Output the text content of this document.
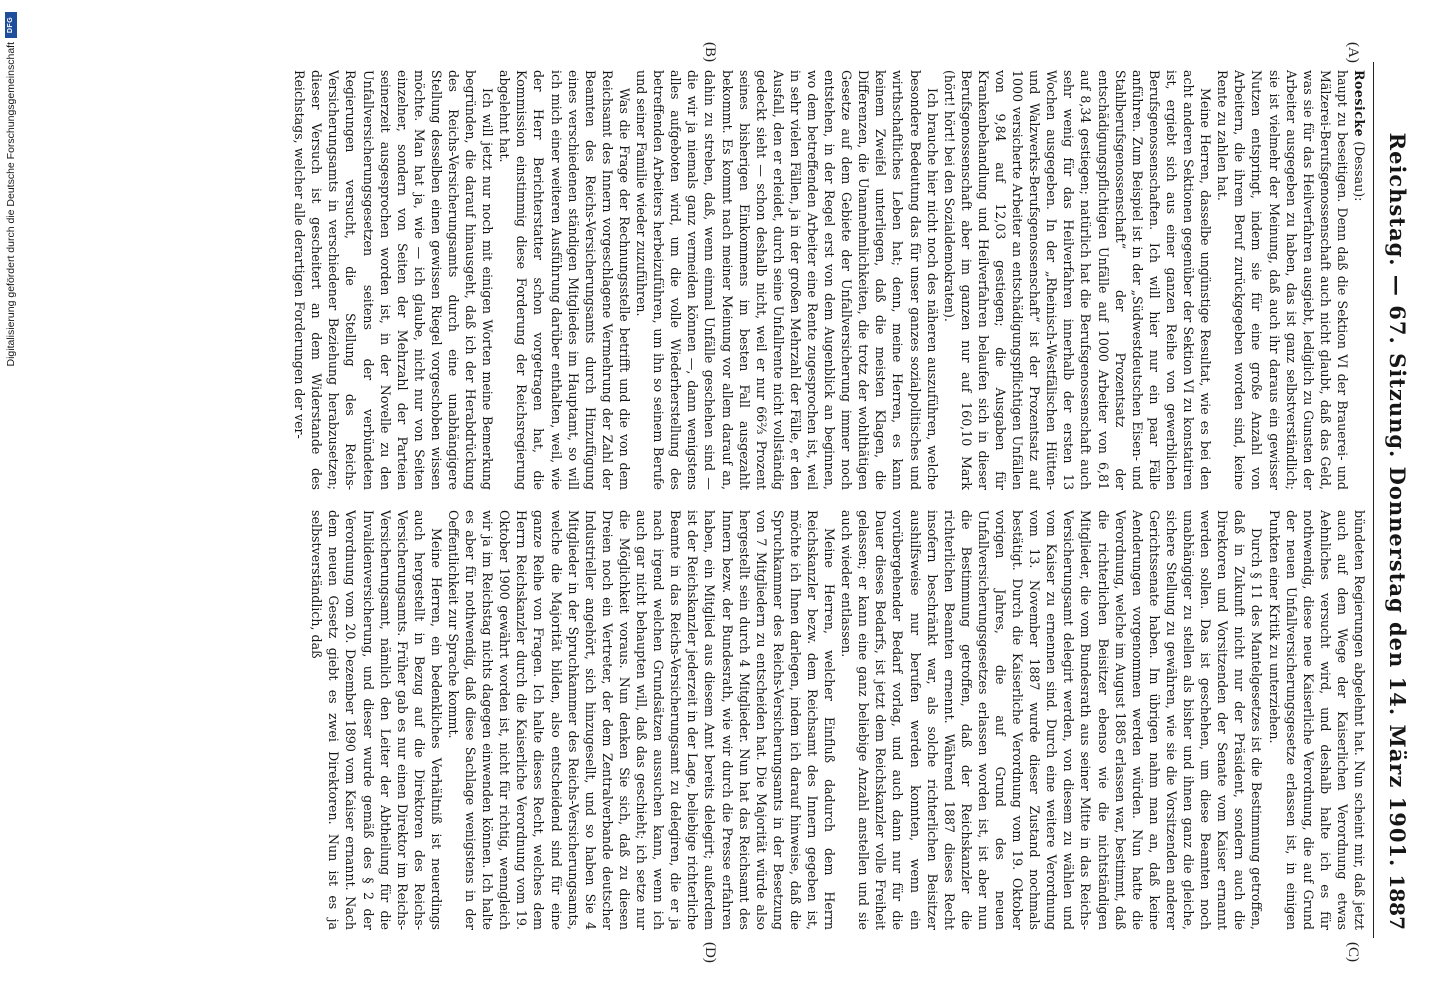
Reichstag. — 67. Sitzung. Donnerstag den 14. März 1901.
1887
(A)
(B)
(C)
(D)

Roesicke (Dessau):

haupt zu beseitigen. Denn daß die Sektion VI der Brauerei- und Mälzerei-Berufsgenossenschaft auch nicht glaubt, daß das Geld, was sie für das Heilverfahren ausgiebt, lediglich zu Gunsten der Arbeiter ausgegeben zu haben, das ist ganz selbstverständlich; sie ist vielmehr der Meinung, daß auch ihr daraus ein gewisser Nutzen entspringt, indem sie für eine große Anzahl von Arbeitern, die ihrem Beruf zurückgegeben worden sind, keine Rente zu zahlen hat.

Meine Herren, dasselbe ungünstige Resultat, wie es bei den acht anderen Sektionen gegenüber der Sektion VI zu konstatiren ist, ergiebt sich aus einer ganzen Reihe von gewerblichen Berufsgenossenschaften. Ich will hier nur ein paar Fälle anführen. Zum Beispiel ist in der „Südwestdeutschen Eisen- und Stahlberufsgenossenschaft“ der Prozentsatz der entschädigungspflichtigen Unfälle auf 1000 Arbeiter von 6,81 auf 8,34 gestiegen; natürlich hat die Berufsgenossenschaft auch sehr wenig für das Heilverfahren innerhalb der ersten 13 Wochen ausgegeben. In der „Rheinisch-Westfälischen Hütten- und Walzwerks-Berufsgenossenschaft“ ist der Prozentsatz auf 1000 versicherte Arbeiter an entschädigungspflichtigen Unfällen von 9,84 auf 12,03 gestiegen; die Ausgaben für Krankenbehandlung und Heilverfahren belaufen sich in dieser Berufsgenossenschaft aber im ganzen nur auf 160,10 Mark (hört! hört! bei den Sozialdemokraten).

Ich brauche hier nicht noch des näheren auszuführen, welche besondere Bedeutung das für unser ganzes sozialpolitisches und wirthschaftliches Leben hat; denn, meine Herren, es kann keinem Zweifel unterliegen, daß die meisten Klagen, die Differenzen, die Unannehmlichkeiten, die trotz der wohlthätigen Gesetze auf dem Gebiete der Unfallversicherung immer noch entstehen, in der Regel erst von dem Augenblick an beginnen, wo dem betreffenden Arbeiter eine Rente zugesprochen ist, weil in sehr vielen Fällen, ja in der großen Mehrzahl der Fälle, er den Ausfall, den er erleidet, durch seine Unfallrente nicht vollständig gedeckt sieht — schon deshalb nicht, weil er nur 66⅔ Prozent seines bisherigen Einkommens im besten Fall ausgezahlt bekommt. Es kommt nach meiner Meinung vor allem darauf an, dahin zu streben, daß, wenn einmal Unfälle geschehen sind — die wir ja niemals ganz vermeiden können —, dann wenigstens alles aufgeboten wird, um die volle Wiederherstellung des betreffenden Arbeiters herbeizuführen, um ihn so seinem Berufe und seiner Familie wieder zuzuführen.

Was die Frage der Rechnungsstelle betrifft und die von dem Reichsamt des Innern vorgeschlagene Vermehrung der Zahl der Beamten des Reichs-Versicherungsamts durch Hinzufügung eines verschiedenen ständigen Mitgliedes im Hauptamt, so will ich mich einer weiteren Ausführung darüber enthalten, weil, wie der Herr Berichterstatter schon vorgetragen hat, die Kommission einstimmig diese Forderung der Reichsregierung abgelehnt hat.

Ich will jetzt nur noch mit einigen Worten meine Bemerkung begründen, die darauf hinausgeht, daß ich der Herabdrückung des Reichs-Versicherungsamts durch eine unabhängigere Stellung desselben einen gewissen Riegel vorgeschoben wissen möchte. Man hat ja, wie — ich glaube, nicht nur von Seiten einzelner, sondern von Seiten der Mehrzahl der Parteien seinerzeit ausgesprochen worden ist, in der Novelle zu den Unfallversicherungsgesetzen seitens der verbündeten Regierungen versucht, die Stellung des Reichs-Versicherungsamts in verschiedener Beziehung herabzusetzen; dieser Versuch ist gescheitert an dem Widerstande des Reichstags, welcher alle derartigen Forderungen der ver-

bündeten Regierungen abgelehnt hat. Nun scheint mir, daß jetzt auch auf dem Wege der Kaiserlichen Verordnung etwas Aehnliches versucht wird, und deshalb halte ich es für nothwendig, diese neue Kaiserliche Verordnung, die auf Grund der neuen Unfallversicherungsgesetze erlassen ist, in einigen Punkten einer Kritik zu unterziehen.

Durch § 11 des Mantelgesetzes ist die Bestimmung getroffen, daß in Zukunft nicht nur der Präsident, sondern auch die Direktoren und Vorsitzenden der Senate vom Kaiser ernannt werden sollen. Das ist geschehen, um diese Beamten noch unabhängiger zu stellen als bisher und ihnen ganz die gleiche, sichere Stellung zu gewähren, wie sie die Vorsitzenden anderer Gerichtssenate haben. Im übrigen nahm man an, daß keine Aenderungen vorgenommen werden würden. Nun hatte die Verordnung, welche im August 1885 erlassen war, bestimmt, daß die richterlichen Beisitzer ebenso wie die nichtständigen Mitglieder, die vom Bundesrath aus seiner Mitte in das Reichs-Versicherungsamt delegirt werden, von diesem zu wählen und vom Kaiser zu ernennen sind. Durch eine weitere Verordnung vom 13. November 1887 wurde dieser Zustand nochmals bestätigt. Durch die Kaiserliche Verordnung vom 19. Oktober vorigen Jahres, die auf Grund des neuen Unfallversicherungsgesetzes erlassen worden ist, ist aber nun die Bestimmung getroffen, daß der Reichskanzler die richterlichen Beamten ernennt. Während 1887 dieses Recht insofern beschränkt war, als solche richterlichen Beisitzer aushilfsweise nur berufen werden konnten, wenn ein vorübergehender Bedarf vorlag, und auch dann nur für die Dauer dieses Bedarfs, ist jetzt dem Reichskanzler volle Freiheit gelassen; er kann eine ganz beliebige Anzahl anstellen und sie auch wieder entlassen.

Meine Herren, welcher Einfluß dadurch dem Herrn Reichskanzler bezw. dem Reichsamt des Innern gegeben ist, möchte ich Ihnen darlegen, indem ich darauf hinweise, daß die Spruchkammer des Reichs-Versicherungsamts in der Besetzung von 7 Mitgliedern zu entscheiden hat. Die Majorität würde also hergestellt sein durch 4 Mitglieder. Nun hat das Reichsamt des Innern bezw. der Bundesrath, wie wir durch die Presse erfahren haben, ein Mitglied aus diesem Amt bereits delegirt; außerdem ist der Reichskanzler jederzeit in der Lage, beliebige richterliche Beamte in das Reichs-Versicherungsamt zu delegiren, die er ja nach irgend welchen Grundsätzen aussuchen kann, wenn ich auch gar nicht behaupten will, daß das geschieht; ich setze nur die Möglichkeit voraus. Nun denken Sie sich, daß zu diesen Dreien noch ein Vertreter, der dem Zentralverbande deutscher Industrieller angehört, sich hinzugesellt, und so haben Sie 4 Mitglieder in der Spruchkammer des Reichs-Versicherungsamts, welche die Majorität bilden, also entscheidend sind für eine ganze Reihe von Fragen. Ich halte dieses Recht, welches dem Herrn Reichskanzler durch die Kaiserliche Verordnung vom 19. Oktober 1900 gewährt worden ist, nicht für richtig, wenngleich wir ja im Reichstag nichts dagegen einwenden können. Ich halte es aber für nothwendig, daß diese Sachlage wenigstens in der Oeffentlichkeit zur Sprache kommt.

Meine Herren, ein bedenkliches Verhältniß ist neuerdings auch hergestellt in Bezug auf die Direktoren des Reichs-Versicherungsamts. Früher gab es nur einen Direktor im Reichs-Versicherungsamt, nämlich den Leiter der Abtheilung für die Invalidenversicherung, und dieser wurde gemäß des § 2 der Verordnung vom 20. Dezember 1890 vom Kaiser ernannt. Nach dem neuen Gesetz giebt es zwei Direktoren. Nun ist es ja selbstverständlich, daß

Digitalisierung gefördert durch die Deutsche Forschungsgemeinschaft
DFG
